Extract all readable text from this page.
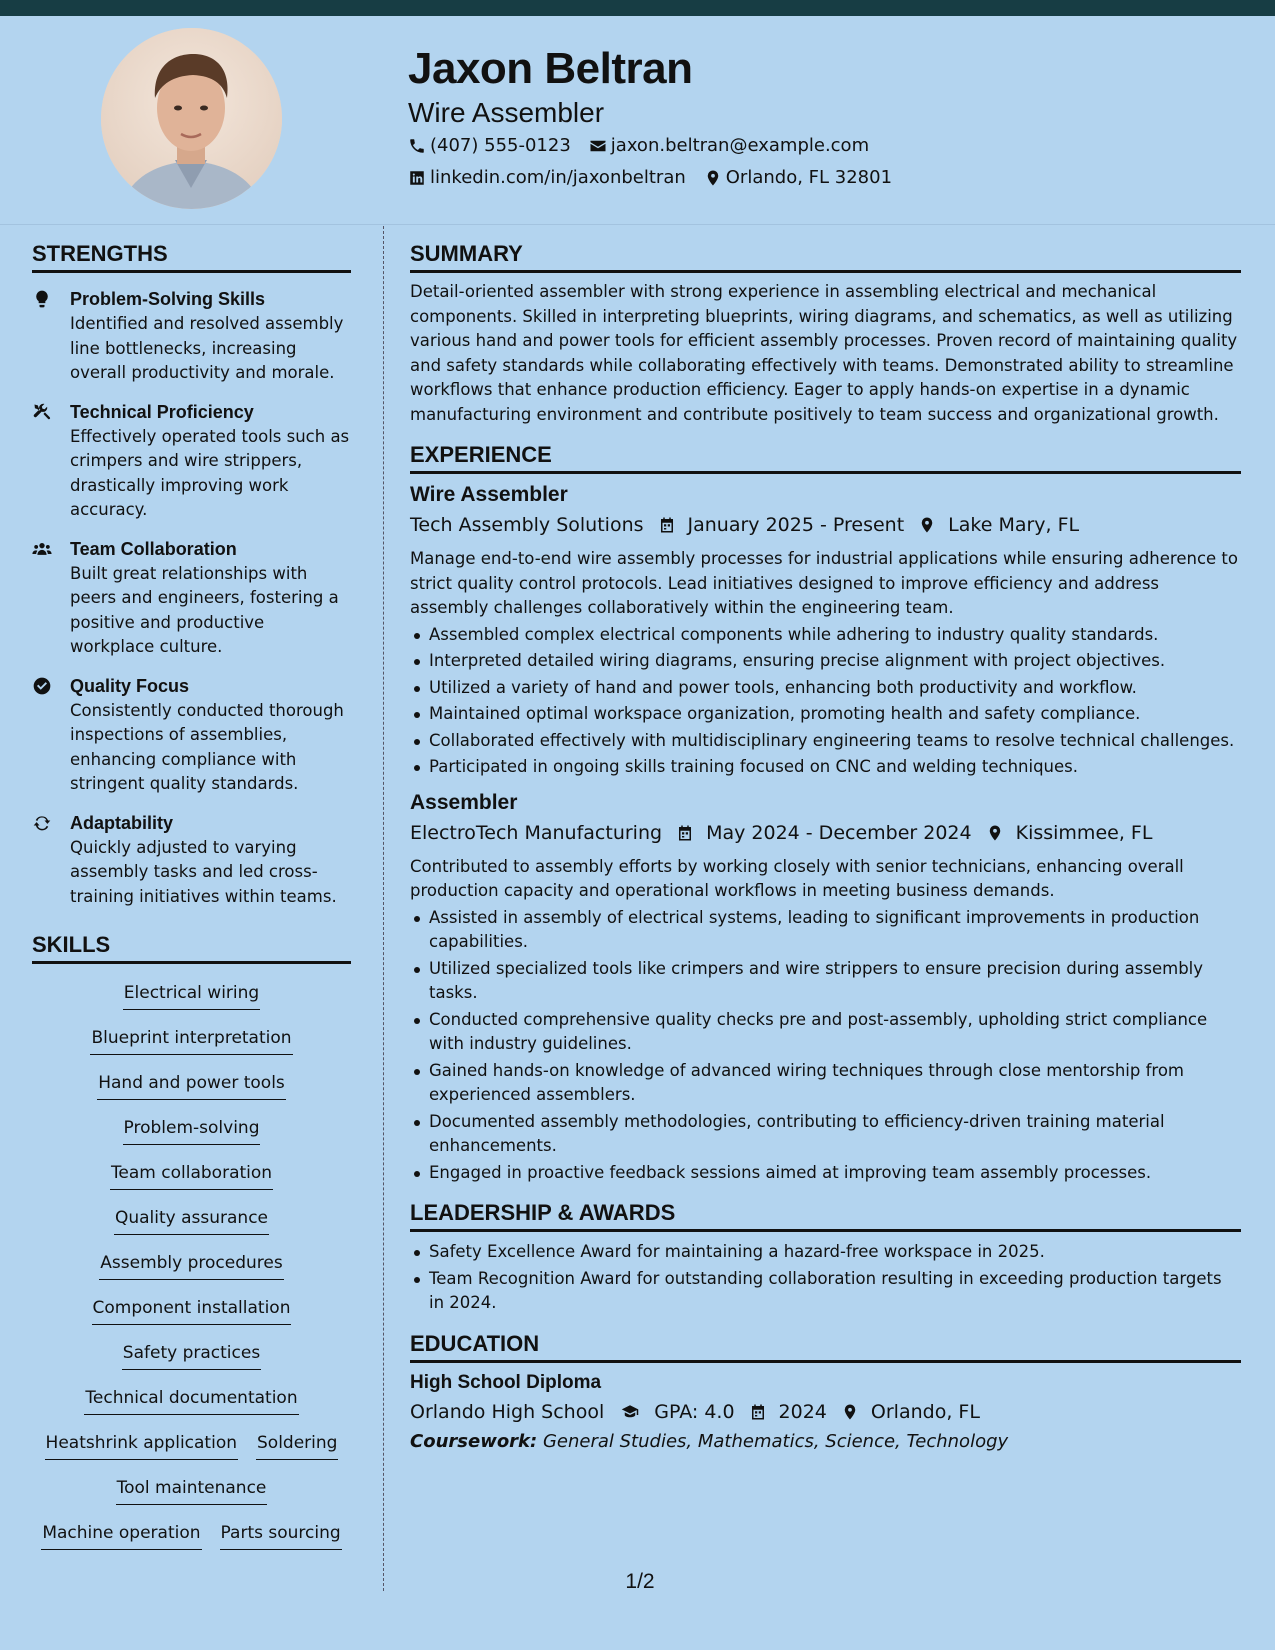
Jaxon Beltran
Wire Assembler
(407) 555-0123 jaxon.beltran@example.com
linkedin.com/in/jaxonbeltran Orlando, FL 32801
STRENGTHS
Problem-Solving Skills
Identified and resolved assembly line bottlenecks, increasing overall productivity and morale.
Technical Proficiency
Effectively operated tools such as crimpers and wire strippers, drastically improving work accuracy.
Team Collaboration
Built great relationships with peers and engineers, fostering a positive and productive workplace culture.
Quality Focus
Consistently conducted thorough inspections of assemblies, enhancing compliance with stringent quality standards.
Adaptability
Quickly adjusted to varying assembly tasks and led cross-training initiatives within teams.
SKILLS
Electrical wiring
Blueprint interpretation
Hand and power tools
Problem-solving
Team collaboration
Quality assurance
Assembly procedures
Component installation
Safety practices
Technical documentation
Heatshrink application Soldering
Tool maintenance
Machine operation Parts sourcing
SUMMARY
Detail-oriented assembler with strong experience in assembling electrical and mechanical components. Skilled in interpreting blueprints, wiring diagrams, and schematics, as well as utilizing various hand and power tools for efficient assembly processes. Proven record of maintaining quality and safety standards while collaborating effectively with teams. Demonstrated ability to streamline workflows that enhance production efficiency. Eager to apply hands-on expertise in a dynamic manufacturing environment and contribute positively to team success and organizational growth.
EXPERIENCE
Wire Assembler
Tech Assembly Solutions January 2025 - Present Lake Mary, FL
Manage end-to-end wire assembly processes for industrial applications while ensuring adherence to strict quality control protocols. Lead initiatives designed to improve efficiency and address assembly challenges collaboratively within the engineering team.
Assembled complex electrical components while adhering to industry quality standards.
Interpreted detailed wiring diagrams, ensuring precise alignment with project objectives.
Utilized a variety of hand and power tools, enhancing both productivity and workflow.
Maintained optimal workspace organization, promoting health and safety compliance.
Collaborated effectively with multidisciplinary engineering teams to resolve technical challenges.
Participated in ongoing skills training focused on CNC and welding techniques.
Assembler
ElectroTech Manufacturing May 2024 - December 2024 Kissimmee, FL
Contributed to assembly efforts by working closely with senior technicians, enhancing overall production capacity and operational workflows in meeting business demands.
Assisted in assembly of electrical systems, leading to significant improvements in production capabilities.
Utilized specialized tools like crimpers and wire strippers to ensure precision during assembly tasks.
Conducted comprehensive quality checks pre and post-assembly, upholding strict compliance with industry guidelines.
Gained hands-on knowledge of advanced wiring techniques through close mentorship from experienced assemblers.
Documented assembly methodologies, contributing to efficiency-driven training material enhancements.
Engaged in proactive feedback sessions aimed at improving team assembly processes.
LEADERSHIP & AWARDS
Safety Excellence Award for maintaining a hazard-free workspace in 2025.
Team Recognition Award for outstanding collaboration resulting in exceeding production targets in 2024.
EDUCATION
High School Diploma
Orlando High School	GPA: 4.0 2024 Orlando, FL
Coursework: General Studies, Mathematics, Science, Technology
1/2
